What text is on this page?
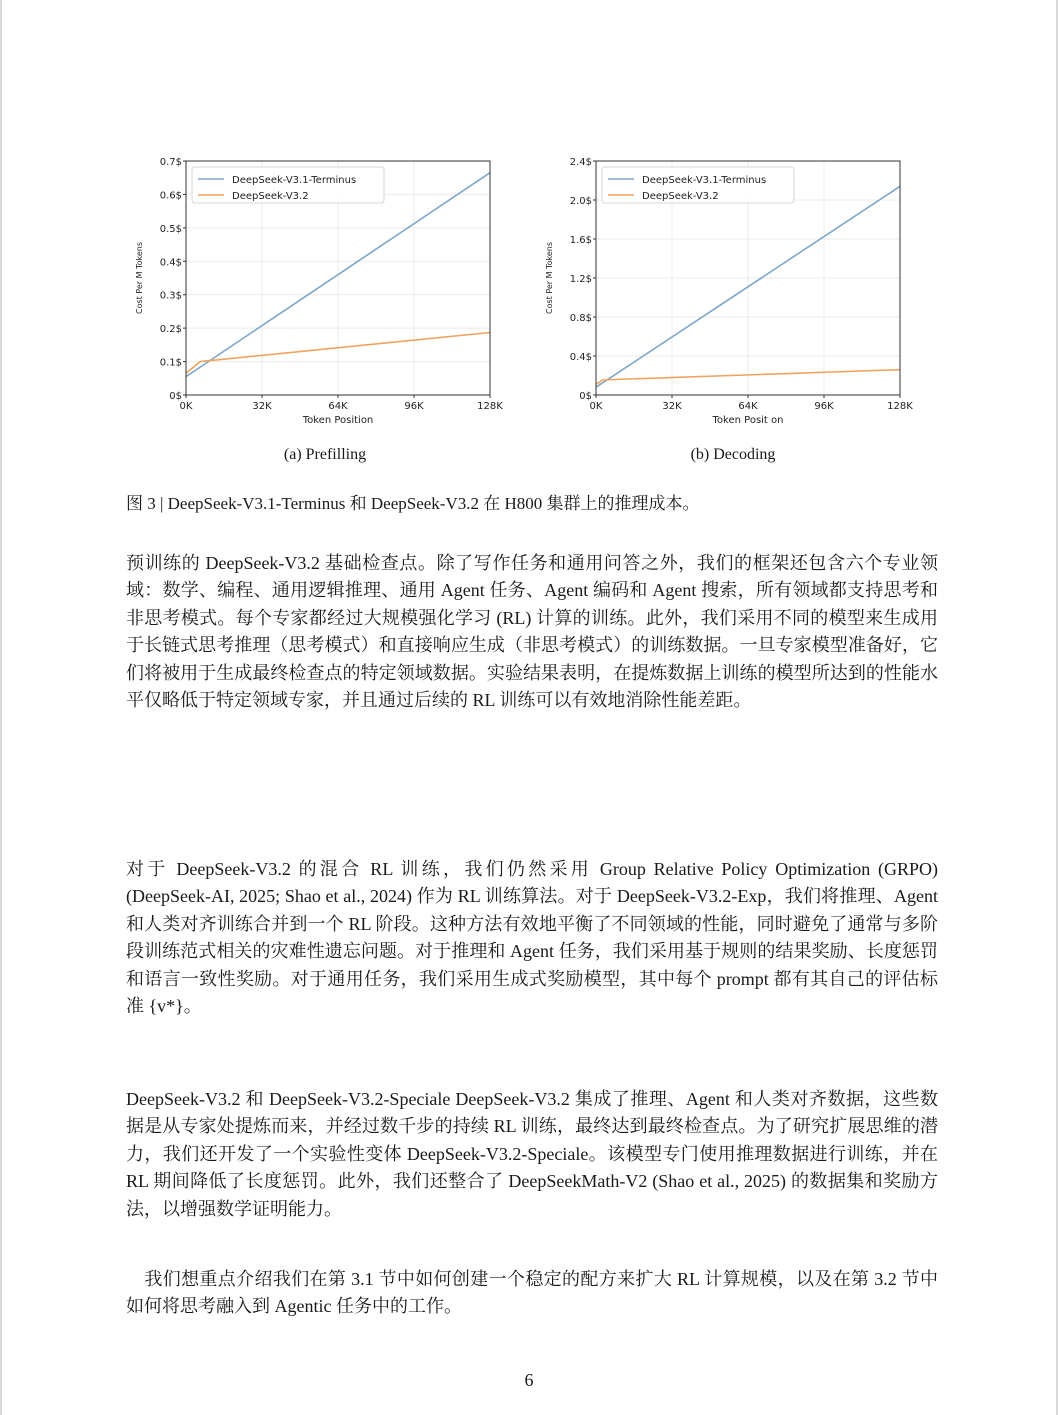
0K	32K	64K	96K	128K
0$
0.1$
0.2$
0.3$
0.4$
0.5$
0.6$
0.7$
Token Position
Cost Per M Tokens
DeepSeek-V3.1-Terminus
DeepSeek-V3.2
0K	32K	64K	96K	128K
0$
0.4$
0.8$
1.2$
1.6$
2.0$
2.4$
Token Posit on
Cost Per M Tokens
DeepSeek-V3.1-Terminus
DeepSeek-V3.2
(a) Prefilling	(b) Decoding
图 3 | DeepSeek-V3.1-Terminus 和 DeepSeek-V3.2 在 H800 集群上的推理成本。
预训练的 DeepSeek-V3.2 基础检查点。除了写作任务和通用问答之外，我们的框架还包含六个专业领域：数学、编程、通用逻辑推理、通用 Agent 任务、Agent 编码和 Agent 搜索，所有领域都支持思考和非思考模式。每个专家都经过大规模强化学习 (RL) 计算的训练。此外，我们采用不同的模型来生成用于长链式思考推理（思考模式）和直接响应生成（非思考模式）的训练数据。一旦专家模型准备好，它们将被用于生成最终检查点的特定领域数据。实验结果表明，在提炼数据上训练的模型所达到的性能水平仅略低于特定领域专家，并且通过后续的 RL 训练可以有效地消除性能差距。
对于 DeepSeek-V3.2 的混合 RL 训练，我们仍然采用 Group Relative Policy Optimization (GRPO) (DeepSeek-AI, 2025; Shao et al., 2024) 作为 RL 训练算法。对于 DeepSeek-V3.2-Exp，我们将推理、Agent 和人类对齐训练合并到一个 RL 阶段。这种方法有效地平衡了不同领域的性能，同时避免了通常与多阶段训练范式相关的灾难性遗忘问题。对于推理和 Agent 任务，我们采用基于规则的结果奖励、长度惩罚和语言一致性奖励。对于通用任务，我们采用生成式奖励模型，其中每个 prompt 都有其自己的评估标准 {v*}。
DeepSeek-V3.2 和 DeepSeek-V3.2-Speciale DeepSeek-V3.2 集成了推理、Agent 和人类对齐数据，这些数据是从专家处提炼而来，并经过数千步的持续 RL 训练，最终达到最终检查点。为了研究扩展思维的潜力，我们还开发了一个实验性变体 DeepSeek-V3.2-Speciale。该模型专门使用推理数据进行训练，并在 RL 期间降低了长度惩罚。此外，我们还整合了 DeepSeekMath-V2 (Shao et al., 2025) 的数据集和奖励方法，以增强数学证明能力。
　我们想重点介绍我们在第 3.1 节中如何创建一个稳定的配方来扩大 RL 计算规模，以及在第 3.2 节中如何将思考融入到 Agentic 任务中的工作。
6
